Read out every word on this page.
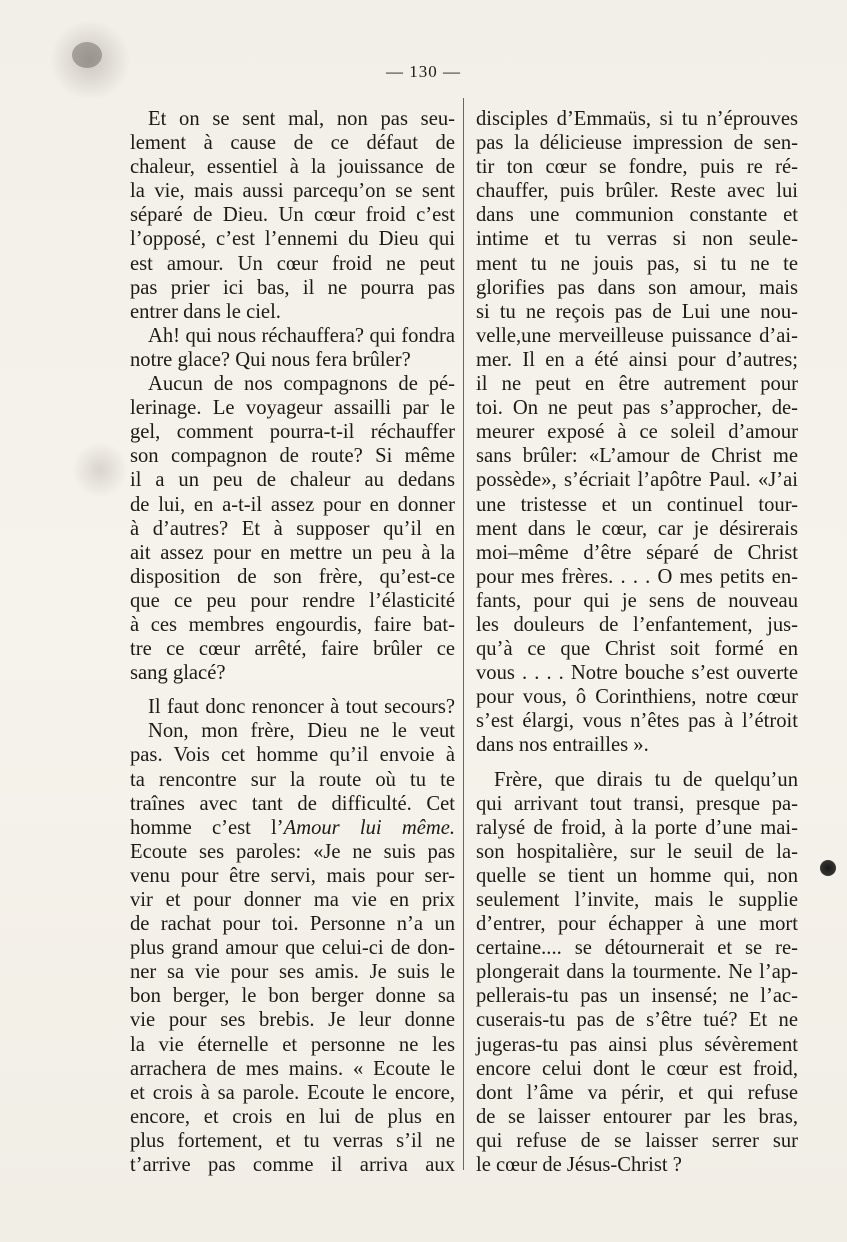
— 130 —
Et on se sent mal, non pas seu-
lement à cause de ce défaut de
chaleur, essentiel à la jouissance de
la vie, mais aussi parcequ’on se sent
séparé de Dieu. Un cœur froid c’est
l’opposé, c’est l’ennemi du Dieu qui
est amour. Un cœur froid ne peut
pas prier ici bas, il ne pourra pas
entrer dans le ciel.
Ah! qui nous réchauffera? qui fondra
notre glace? Qui nous fera brûler?
Aucun de nos compagnons de pé-
lerinage. Le voyageur assailli par le
gel, comment pourra-t-il réchauffer
son compagnon de route? Si même
il a un peu de chaleur au dedans
de lui, en a-t-il assez pour en donner
à d’autres? Et à supposer qu’il en
ait assez pour en mettre un peu à la
disposition de son frère, qu’est-ce
que ce peu pour rendre l’élasticité
à ces membres engourdis, faire bat-
tre ce cœur arrêté, faire brûler ce
sang glacé?
Il faut donc renoncer à tout secours?
Non, mon frère, Dieu ne le veut
pas. Vois cet homme qu’il envoie à
ta rencontre sur la route où tu te
traînes avec tant de difficulté. Cet
homme c’est l’Amour lui même.
Ecoute ses paroles: «Je ne suis pas
venu pour être servi, mais pour ser-
vir et pour donner ma vie en prix
de rachat pour toi. Personne n’a un
plus grand amour que celui-ci de don-
ner sa vie pour ses amis. Je suis le
bon berger, le bon berger donne sa
vie pour ses brebis. Je leur donne
la vie éternelle et personne ne les
arrachera de mes mains. « Ecoute le
et crois à sa parole. Ecoute le encore,
encore, et crois en lui de plus en
plus fortement, et tu verras s’il ne
t’arrive pas comme il arriva aux
disciples d’Emmaüs, si tu n’éprouves
pas la délicieuse impression de sen-
tir ton cœur se fondre, puis re ré-
chauffer, puis brûler. Reste avec lui
dans une communion constante et
intime et tu verras si non seule-
ment tu ne jouis pas, si tu ne te
glorifies pas dans son amour, mais
si tu ne reçois pas de Lui une nou-
velle,une merveilleuse puissance d’ai-
mer. Il en a été ainsi pour d’autres;
il ne peut en être autrement pour
toi. On ne peut pas s’approcher, de-
meurer exposé à ce soleil d’amour
sans brûler: «L’amour de Christ me
possède», s’écriait l’apôtre Paul. «J’ai
une tristesse et un continuel tour-
ment dans le cœur, car je désirerais
moi–même d’être séparé de Christ
pour mes frères. . . . O mes petits en-
fants, pour qui je sens de nouveau
les douleurs de l’enfantement, jus-
qu’à ce que Christ soit formé en
vous . . . . Notre bouche s’est ouverte
pour vous, ô Corinthiens, notre cœur
s’est élargi, vous n’êtes pas à l’étroit
dans nos entrailles ».
Frère, que dirais tu de quelqu’un
qui arrivant tout transi, presque pa-
ralysé de froid, à la porte d’une mai-
son hospitalière, sur le seuil de la-
quelle se tient un homme qui, non
seulement l’invite, mais le supplie
d’entrer, pour échapper à une mort
certaine.... se détournerait et se re-
plongerait dans la tourmente. Ne l’ap-
pellerais-tu pas un insensé; ne l’ac-
cuserais-tu pas de s’être tué? Et ne
jugeras-tu pas ainsi plus sévèrement
encore celui dont le cœur est froid,
dont l’âme va périr, et qui refuse
de se laisser entourer par les bras,
qui refuse de se laisser serrer sur
le cœur de Jésus-Christ ?
